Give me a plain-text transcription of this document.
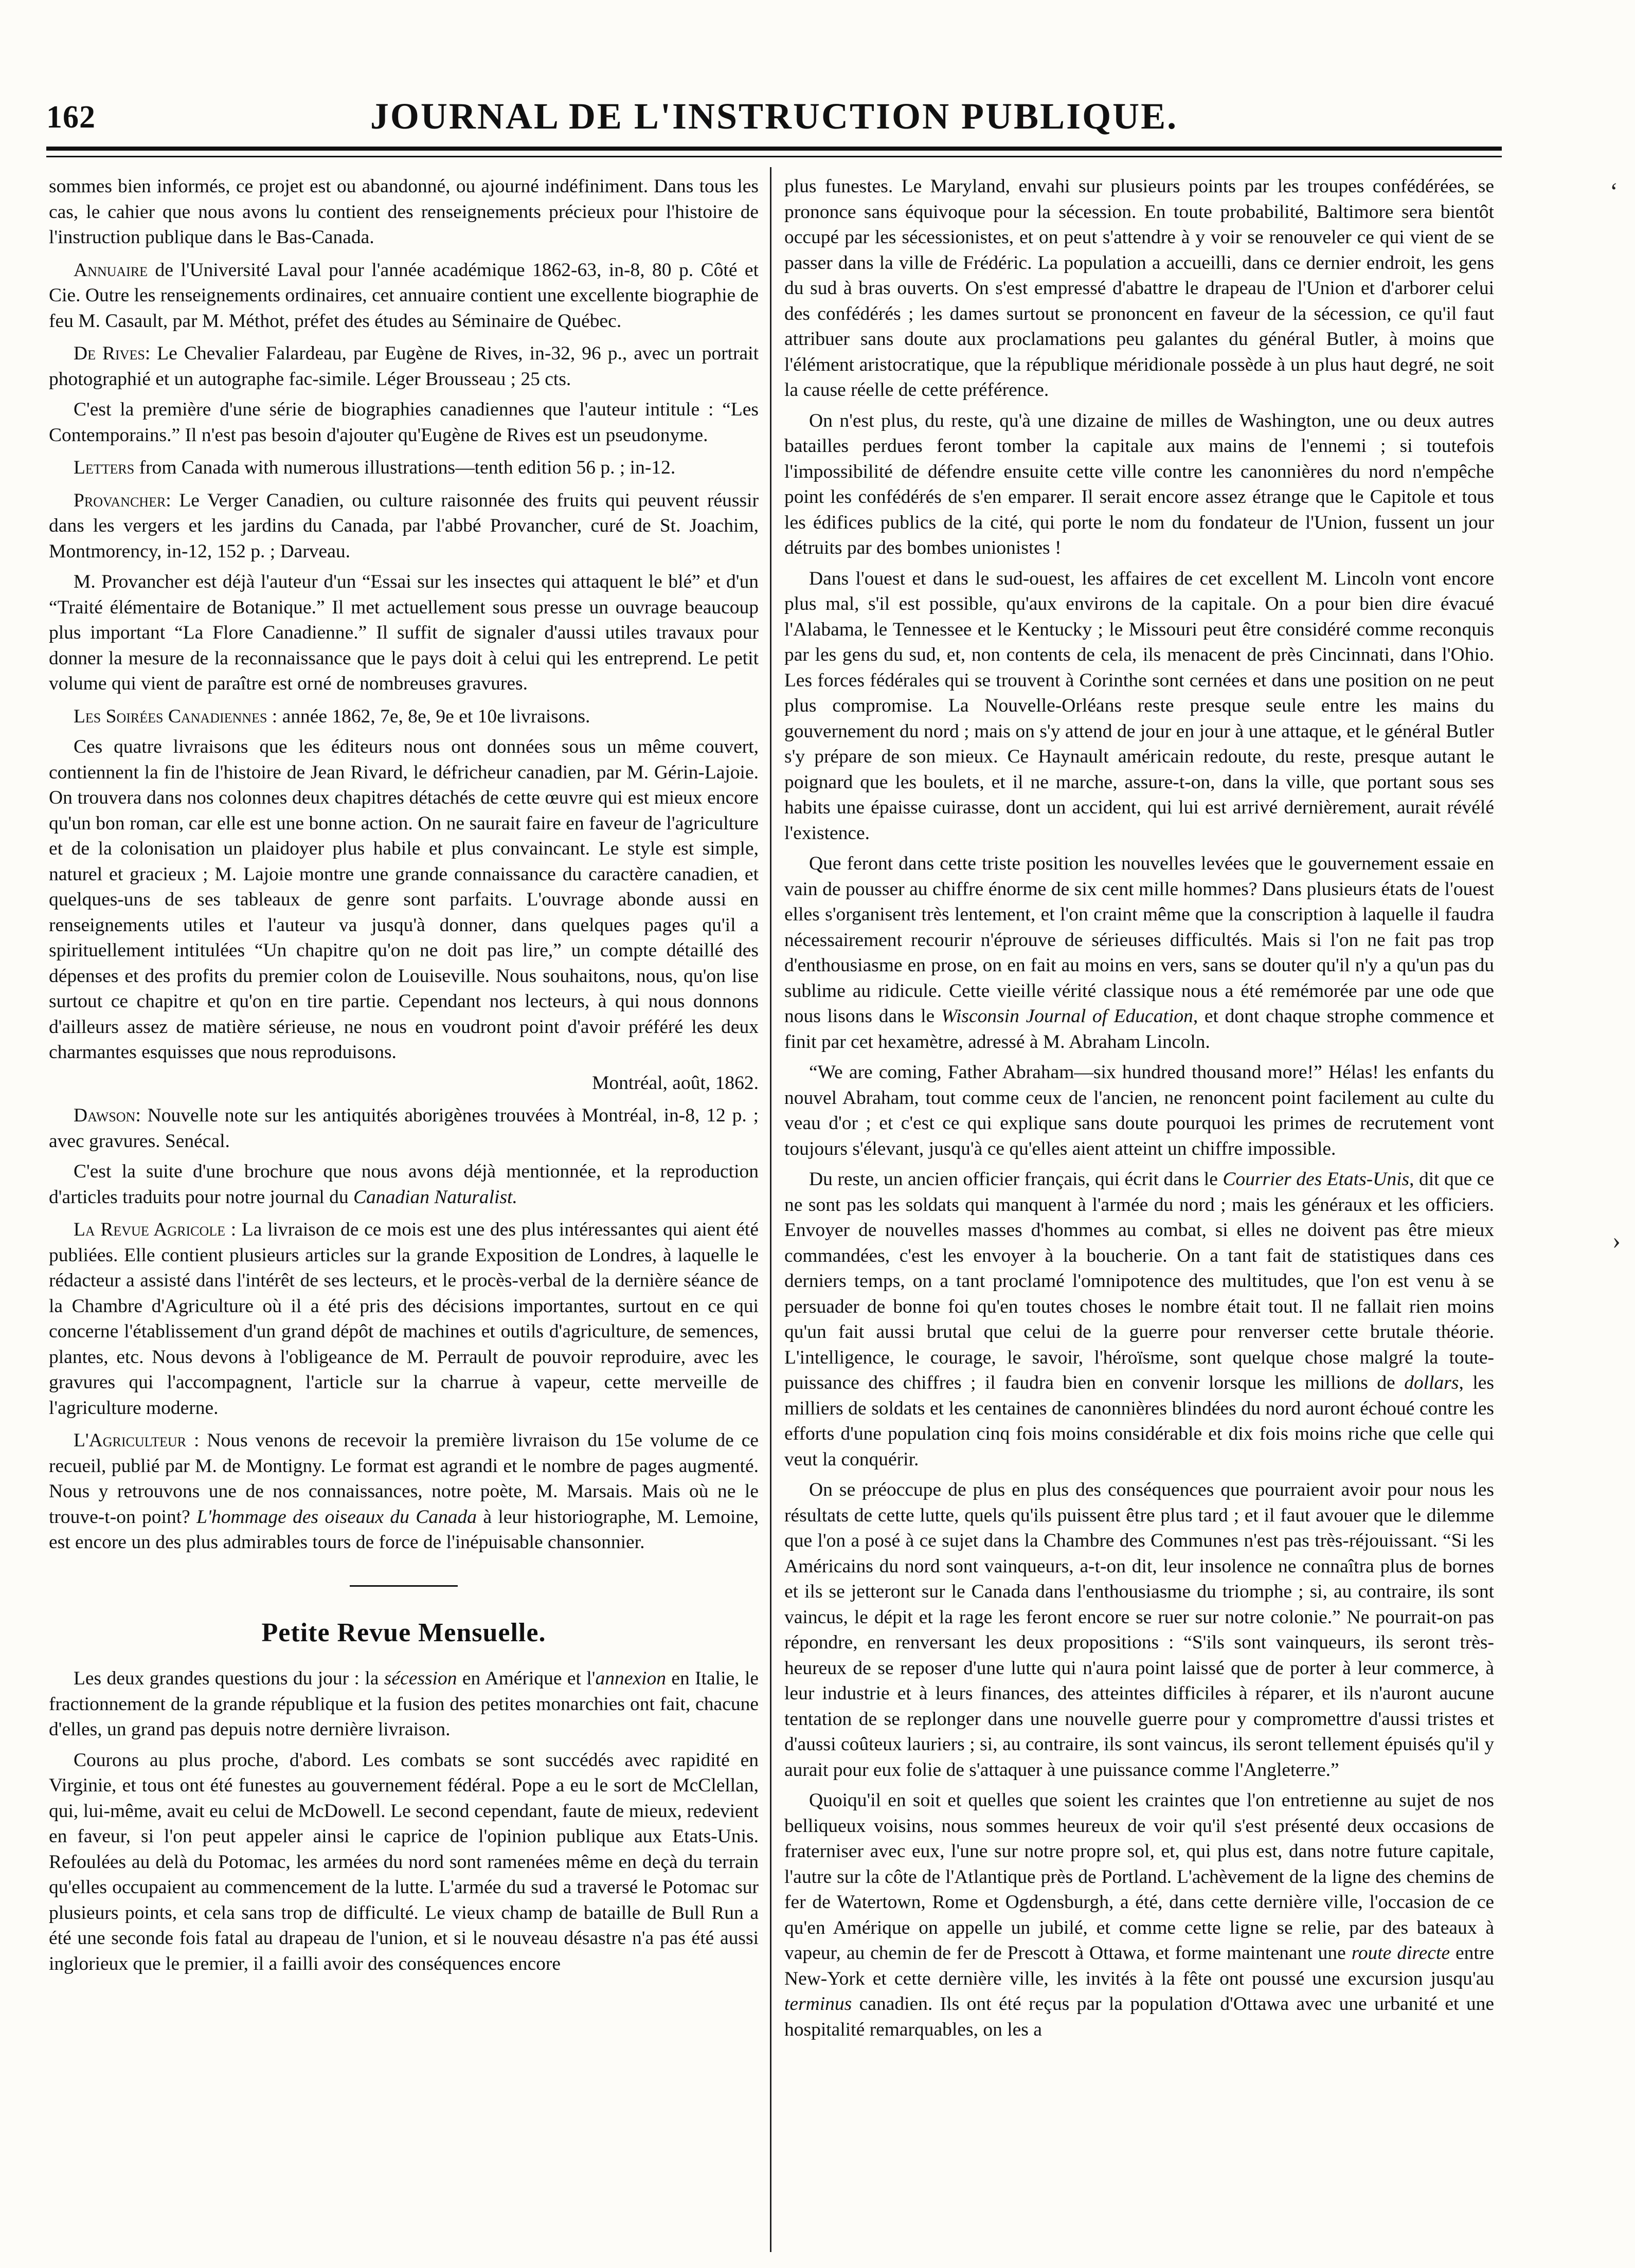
162	JOURNAL DE L'INSTRUCTION PUBLIQUE.
‘
›

sommes bien informés, ce projet est ou abandonné, ou ajourné indéfiniment. Dans tous les cas, le cahier que nous avons lu contient des renseignements précieux pour l'histoire de l'instruction publique dans le Bas-Canada.

Annuaire de l'Université Laval pour l'année académique 1862-63, in-8, 80 p. Côté et Cie. Outre les renseignements ordinaires, cet annuaire contient une excellente biographie de feu M. Casault, par M. Méthot, préfet des études au Séminaire de Québec.

De Rives: Le Chevalier Falardeau, par Eugène de Rives, in-32, 96 p., avec un portrait photographié et un autographe fac-simile. Léger Brousseau ; 25 cts.

C'est la première d'une série de biographies canadiennes que l'auteur intitule : “Les Contemporains.” Il n'est pas besoin d'ajouter qu'Eugène de Rives est un pseudonyme.

Letters from Canada with numerous illustrations—tenth edition 56 p. ; in-12.

Provancher: Le Verger Canadien, ou culture raisonnée des fruits qui peuvent réussir dans les vergers et les jardins du Canada, par l'abbé Provancher, curé de St. Joachim, Montmorency, in-12, 152 p. ; Darveau.

M. Provancher est déjà l'auteur d'un “Essai sur les insectes qui attaquent le blé” et d'un “Traité élémentaire de Botanique.” Il met actuellement sous presse un ouvrage beaucoup plus important “La Flore Canadienne.” Il suffit de signaler d'aussi utiles travaux pour donner la mesure de la reconnaissance que le pays doit à celui qui les entreprend. Le petit volume qui vient de paraître est orné de nombreuses gravures.

Les Soirées Canadiennes : année 1862, 7e, 8e, 9e et 10e livraisons.

Ces quatre livraisons que les éditeurs nous ont données sous un même couvert, contiennent la fin de l'histoire de Jean Rivard, le défricheur canadien, par M. Gérin-Lajoie. On trouvera dans nos colonnes deux chapitres détachés de cette œuvre qui est mieux encore qu'un bon roman, car elle est une bonne action. On ne saurait faire en faveur de l'agriculture et de la colonisation un plaidoyer plus habile et plus convaincant. Le style est simple, naturel et gracieux ; M. Lajoie montre une grande connaissance du caractère canadien, et quelques-uns de ses tableaux de genre sont parfaits. L'ouvrage abonde aussi en renseignements utiles et l'auteur va jusqu'à donner, dans quelques pages qu'il a spirituellement intitulées “Un chapitre qu'on ne doit pas lire,” un compte détaillé des dépenses et des profits du premier colon de Louiseville. Nous souhaitons, nous, qu'on lise surtout ce chapitre et qu'on en tire partie. Cependant nos lecteurs, à qui nous donnons d'ailleurs assez de matière sérieuse, ne nous en voudront point d'avoir préféré les deux charmantes esquisses que nous reproduisons.

Montréal, août, 1862.

Dawson: Nouvelle note sur les antiquités aborigènes trouvées à Montréal, in-8, 12 p. ; avec gravures. Senécal.

C'est la suite d'une brochure que nous avons déjà mentionnée, et la reproduction d'articles traduits pour notre journal du Canadian Naturalist.

La Revue Agricole : La livraison de ce mois est une des plus intéressantes qui aient été publiées. Elle contient plusieurs articles sur la grande Exposition de Londres, à laquelle le rédacteur a assisté dans l'intérêt de ses lecteurs, et le procès-verbal de la dernière séance de la Chambre d'Agriculture où il a été pris des décisions importantes, surtout en ce qui concerne l'établissement d'un grand dépôt de machines et outils d'agriculture, de semences, plantes, etc. Nous devons à l'obligeance de M. Perrault de pouvoir reproduire, avec les gravures qui l'accompagnent, l'article sur la charrue à vapeur, cette merveille de l'agriculture moderne.

L'Agriculteur : Nous venons de recevoir la première livraison du 15e volume de ce recueil, publié par M. de Montigny. Le format est agrandi et le nombre de pages augmenté. Nous y retrouvons une de nos connaissances, notre poète, M. Marsais. Mais où ne le trouve-t-on point? L'hommage des oiseaux du Canada à leur historiographe, M. Lemoine, est encore un des plus admirables tours de force de l'inépuisable chansonnier.

Petite Revue Mensuelle.

Les deux grandes questions du jour : la sécession en Amérique et l'annexion en Italie, le fractionnement de la grande république et la fusion des petites monarchies ont fait, chacune d'elles, un grand pas depuis notre dernière livraison.

Courons au plus proche, d'abord. Les combats se sont succédés avec rapidité en Virginie, et tous ont été funestes au gouvernement fédéral. Pope a eu le sort de McClellan, qui, lui-même, avait eu celui de McDowell. Le second cependant, faute de mieux, redevient en faveur, si l'on peut appeler ainsi le caprice de l'opinion publique aux Etats-Unis. Refoulées au delà du Potomac, les armées du nord sont ramenées même en deçà du terrain qu'elles occupaient au commencement de la lutte. L'armée du sud a traversé le Potomac sur plusieurs points, et cela sans trop de difficulté. Le vieux champ de bataille de Bull Run a été une seconde fois fatal au drapeau de l'union, et si le nouveau désastre n'a pas été aussi inglorieux que le premier, il a failli avoir des conséquences encore

plus funestes. Le Maryland, envahi sur plusieurs points par les troupes confédérées, se prononce sans équivoque pour la sécession. En toute probabilité, Baltimore sera bientôt occupé par les sécessionistes, et on peut s'attendre à y voir se renouveler ce qui vient de se passer dans la ville de Frédéric. La population a accueilli, dans ce dernier endroit, les gens du sud à bras ouverts. On s'est empressé d'abattre le drapeau de l'Union et d'arborer celui des confédérés ; les dames surtout se prononcent en faveur de la sécession, ce qu'il faut attribuer sans doute aux proclamations peu galantes du général Butler, à moins que l'élément aristocratique, que la république méridionale possède à un plus haut degré, ne soit la cause réelle de cette préférence.

On n'est plus, du reste, qu'à une dizaine de milles de Washington, une ou deux autres batailles perdues feront tomber la capitale aux mains de l'ennemi ; si toutefois l'impossibilité de défendre ensuite cette ville contre les canonnières du nord n'empêche point les confédérés de s'en emparer. Il serait encore assez étrange que le Capitole et tous les édifices publics de la cité, qui porte le nom du fondateur de l'Union, fussent un jour détruits par des bombes unionistes !

Dans l'ouest et dans le sud-ouest, les affaires de cet excellent M. Lincoln vont encore plus mal, s'il est possible, qu'aux environs de la capitale. On a pour bien dire évacué l'Alabama, le Tennessee et le Kentucky ; le Missouri peut être considéré comme reconquis par les gens du sud, et, non contents de cela, ils menacent de près Cincinnati, dans l'Ohio. Les forces fédérales qui se trouvent à Corinthe sont cernées et dans une position on ne peut plus compromise. La Nouvelle-Orléans reste presque seule entre les mains du gouvernement du nord ; mais on s'y attend de jour en jour à une attaque, et le général Butler s'y prépare de son mieux. Ce Haynault américain redoute, du reste, presque autant le poignard que les boulets, et il ne marche, assure-t-on, dans la ville, que portant sous ses habits une épaisse cuirasse, dont un accident, qui lui est arrivé dernièrement, aurait révélé l'existence.

Que feront dans cette triste position les nouvelles levées que le gouvernement essaie en vain de pousser au chiffre énorme de six cent mille hommes? Dans plusieurs états de l'ouest elles s'organisent très lentement, et l'on craint même que la conscription à laquelle il faudra nécessairement recourir n'éprouve de sérieuses difficultés. Mais si l'on ne fait pas trop d'enthousiasme en prose, on en fait au moins en vers, sans se douter qu'il n'y a qu'un pas du sublime au ridicule. Cette vieille vérité classique nous a été remémorée par une ode que nous lisons dans le Wisconsin Journal of Education, et dont chaque strophe commence et finit par cet hexamètre, adressé à M. Abraham Lincoln.

“We are coming, Father Abraham—six hundred thousand more!” Hélas! les enfants du nouvel Abraham, tout comme ceux de l'ancien, ne renoncent point facilement au culte du veau d'or ; et c'est ce qui explique sans doute pourquoi les primes de recrutement vont toujours s'élevant, jusqu'à ce qu'elles aient atteint un chiffre impossible.

Du reste, un ancien officier français, qui écrit dans le Courrier des Etats-Unis, dit que ce ne sont pas les soldats qui manquent à l'armée du nord ; mais les généraux et les officiers. Envoyer de nouvelles masses d'hommes au combat, si elles ne doivent pas être mieux commandées, c'est les envoyer à la boucherie. On a tant fait de statistiques dans ces derniers temps, on a tant proclamé l'omnipotence des multitudes, que l'on est venu à se persuader de bonne foi qu'en toutes choses le nombre était tout. Il ne fallait rien moins qu'un fait aussi brutal que celui de la guerre pour renverser cette brutale théorie. L'intelligence, le courage, le savoir, l'héroïsme, sont quelque chose malgré la toute-puissance des chiffres ; il faudra bien en convenir lorsque les millions de dollars, les milliers de soldats et les centaines de canonnières blindées du nord auront échoué contre les efforts d'une population cinq fois moins considérable et dix fois moins riche que celle qui veut la conquérir.

On se préoccupe de plus en plus des conséquences que pourraient avoir pour nous les résultats de cette lutte, quels qu'ils puissent être plus tard ; et il faut avouer que le dilemme que l'on a posé à ce sujet dans la Chambre des Communes n'est pas très-réjouissant. “Si les Américains du nord sont vainqueurs, a-t-on dit, leur insolence ne connaîtra plus de bornes et ils se jetteront sur le Canada dans l'enthousiasme du triomphe ; si, au contraire, ils sont vaincus, le dépit et la rage les feront encore se ruer sur notre colonie.” Ne pourrait-on pas répondre, en renversant les deux propositions : “S'ils sont vainqueurs, ils seront très-heureux de se reposer d'une lutte qui n'aura point laissé que de porter à leur commerce, à leur industrie et à leurs finances, des atteintes difficiles à réparer, et ils n'auront aucune tentation de se replonger dans une nouvelle guerre pour y compromettre d'aussi tristes et d'aussi coûteux lauriers ; si, au contraire, ils sont vaincus, ils seront tellement épuisés qu'il y aurait pour eux folie de s'attaquer à une puissance comme l'Angleterre.”

Quoiqu'il en soit et quelles que soient les craintes que l'on entretienne au sujet de nos belliqueux voisins, nous sommes heureux de voir qu'il s'est présenté deux occasions de fraterniser avec eux, l'une sur notre propre sol, et, qui plus est, dans notre future capitale, l'autre sur la côte de l'Atlantique près de Portland. L'achèvement de la ligne des chemins de fer de Watertown, Rome et Ogdensburgh, a été, dans cette dernière ville, l'occasion de ce qu'en Amérique on appelle un jubilé, et comme cette ligne se relie, par des bateaux à vapeur, au chemin de fer de Prescott à Ottawa, et forme maintenant une route directe entre New-York et cette dernière ville, les invités à la fête ont poussé une excursion jusqu'au terminus canadien. Ils ont été reçus par la population d'Ottawa avec une urbanité et une hospitalité remarquables, on les a
